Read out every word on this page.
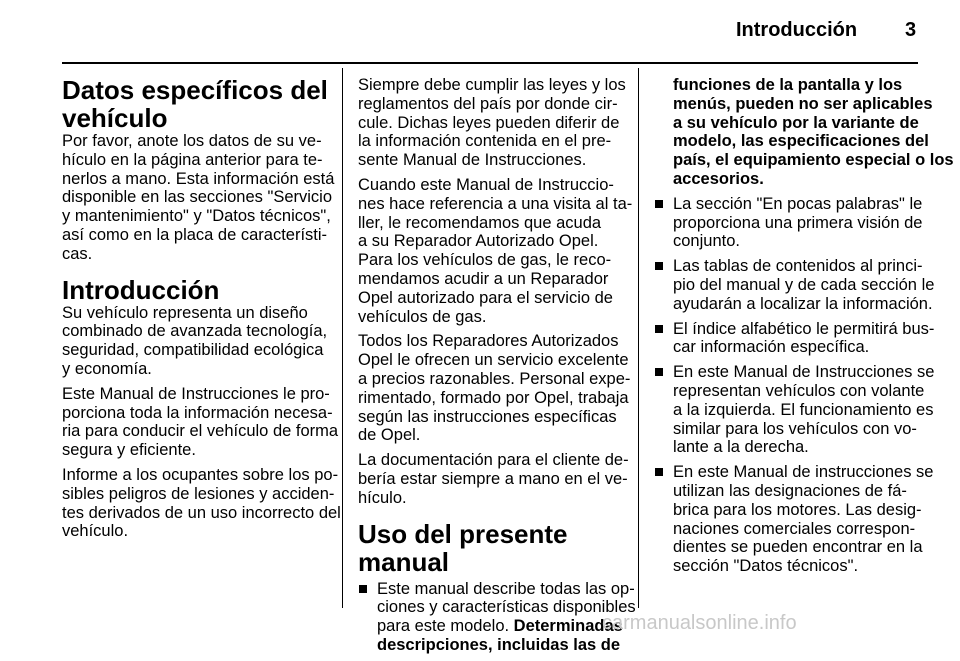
Introducción 3
Datos específicos del
vehículo

Por favor, anote los datos de su ve-
hículo en la página anterior para te-
nerlos a mano. Esta información está
disponible en las secciones "Servicio
y mantenimiento" y "Datos técnicos",
así como en la placa de característi-
cas.

Introducción

Su vehículo representa un diseño
combinado de avanzada tecnología,
seguridad, compatibilidad ecológica
y economía.

Este Manual de Instrucciones le pro-
porciona toda la información necesa-
ria para conducir el vehículo de forma
segura y eficiente.

Informe a los ocupantes sobre los po-
sibles peligros de lesiones y acciden-
tes derivados de un uso incorrecto del
vehículo.

Siempre debe cumplir las leyes y los
reglamentos del país por donde cir-
cule. Dichas leyes pueden diferir de
la información contenida en el pre-
sente Manual de Instrucciones.

Cuando este Manual de Instruccio-
nes hace referencia a una visita al ta-
ller, le recomendamos que acuda
a su Reparador Autorizado Opel.
Para los vehículos de gas, le reco-
mendamos acudir a un Reparador
Opel autorizado para el servicio de
vehículos de gas.

Todos los Reparadores Autorizados
Opel le ofrecen un servicio excelente
a precios razonables. Personal expe-
rimentado, formado por Opel, trabaja
según las instrucciones específicas
de Opel.

La documentación para el cliente de-
bería estar siempre a mano en el ve-
hículo.

Uso del presente manual
Este manual describe todas las op-
ciones y características disponibles
para este modelo. Determinadas
descripciones, incluidas las de
funciones de la pantalla y los
menús, pueden no ser aplicables
a su vehículo por la variante de
modelo, las especificaciones del
país, el equipamiento especial o los
accesorios.
La sección "En pocas palabras" le
proporciona una primera visión de
conjunto.
Las tablas de contenidos al princi-
pio del manual y de cada sección le
ayudarán a localizar la información.
El índice alfabético le permitirá bus-
car información específica.
En este Manual de Instrucciones se
representan vehículos con volante
a la izquierda. El funcionamiento es
similar para los vehículos con vo-
lante a la derecha.
En este Manual de instrucciones se
utilizan las designaciones de fá-
brica para los motores. Las desig-
naciones comerciales correspon-
dientes se pueden encontrar en la
sección "Datos técnicos".
carmanualsonline.info
